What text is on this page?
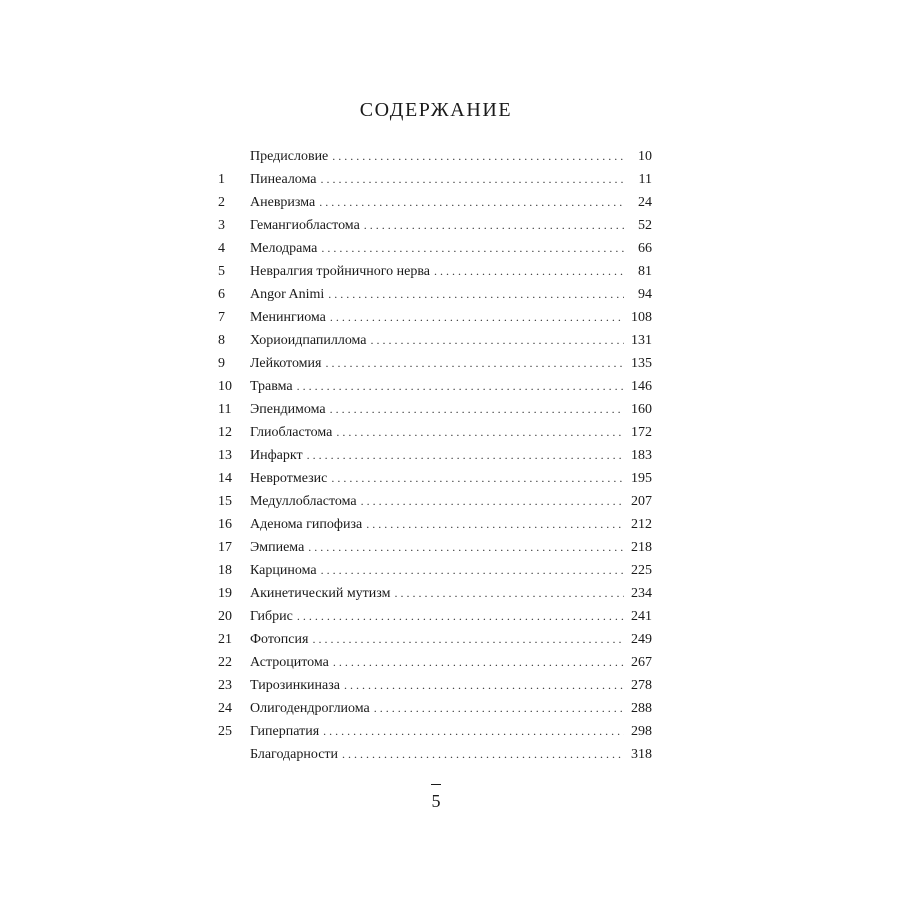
СОДЕРЖАНИЕ
Предисловие . . .	10
1	Пинеалома . . .	11
2	Аневризма . . .	24
3	Гемангиобластома . . .	52
4	Мелодрама . . .	66
5	Невралгия тройничного нерва . . .	81
6	Angor Animi . . .	94
7	Менингиома . . .	108
8	Хориоидпапиллома . . .	131
9	Лейкотомия . . .	135
10	Травма . . .	146
11	Эпендимома . . .	160
12	Глиобластома . . .	172
13	Инфаркт . . .	183
14	Невротмезис . . .	195
15	Медуллобластома . . .	207
16	Аденома гипофиза . . .	212
17	Эмпиема . . .	218
18	Карцинома . . .	225
19	Акинетический мутизм . . .	234
20	Гибрис . . .	241
21	Фотопсия . . .	249
22	Астроцитома . . .	267
23	Тирозинкиназа . . .	278
24	Олигодендроглиома . . .	288
25	Гиперпатия . . .	298
Благодарности . . .	318
5
